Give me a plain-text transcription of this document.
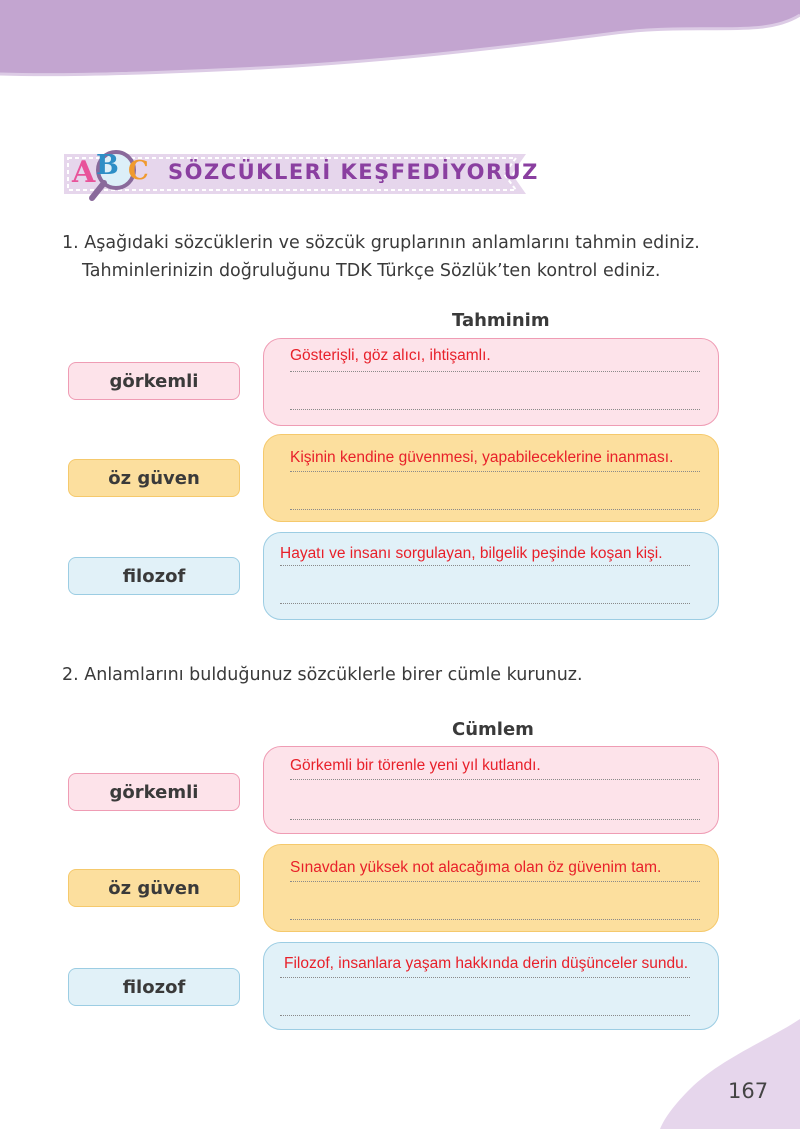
A B C SÖZCÜKLERİ KEŞFEDİYORUZ
1. Aşağıdaki sözcüklerin ve sözcük gruplarının anlamlarını tahmin ediniz.
Tahminlerinizin doğruluğunu TDK Türkçe Sözlük’ten kontrol ediniz.
Tahminim
görkemli
Gösterişli, göz alıcı, ihtişamlı.
öz güven
Kişinin kendine güvenmesi, yapabileceklerine inanması.
filozof
Hayatı ve insanı sorgulayan, bilgelik peşinde koşan kişi.
2. Anlamlarını bulduğunuz sözcüklerle birer cümle kurunuz.
Cümlem
görkemli
Görkemli bir törenle yeni yıl kutlandı.
öz güven
Sınavdan yüksek not alacağıma olan öz güvenim tam.
filozof
Filozof, insanlara yaşam hakkında derin düşünceler sundu.
167
